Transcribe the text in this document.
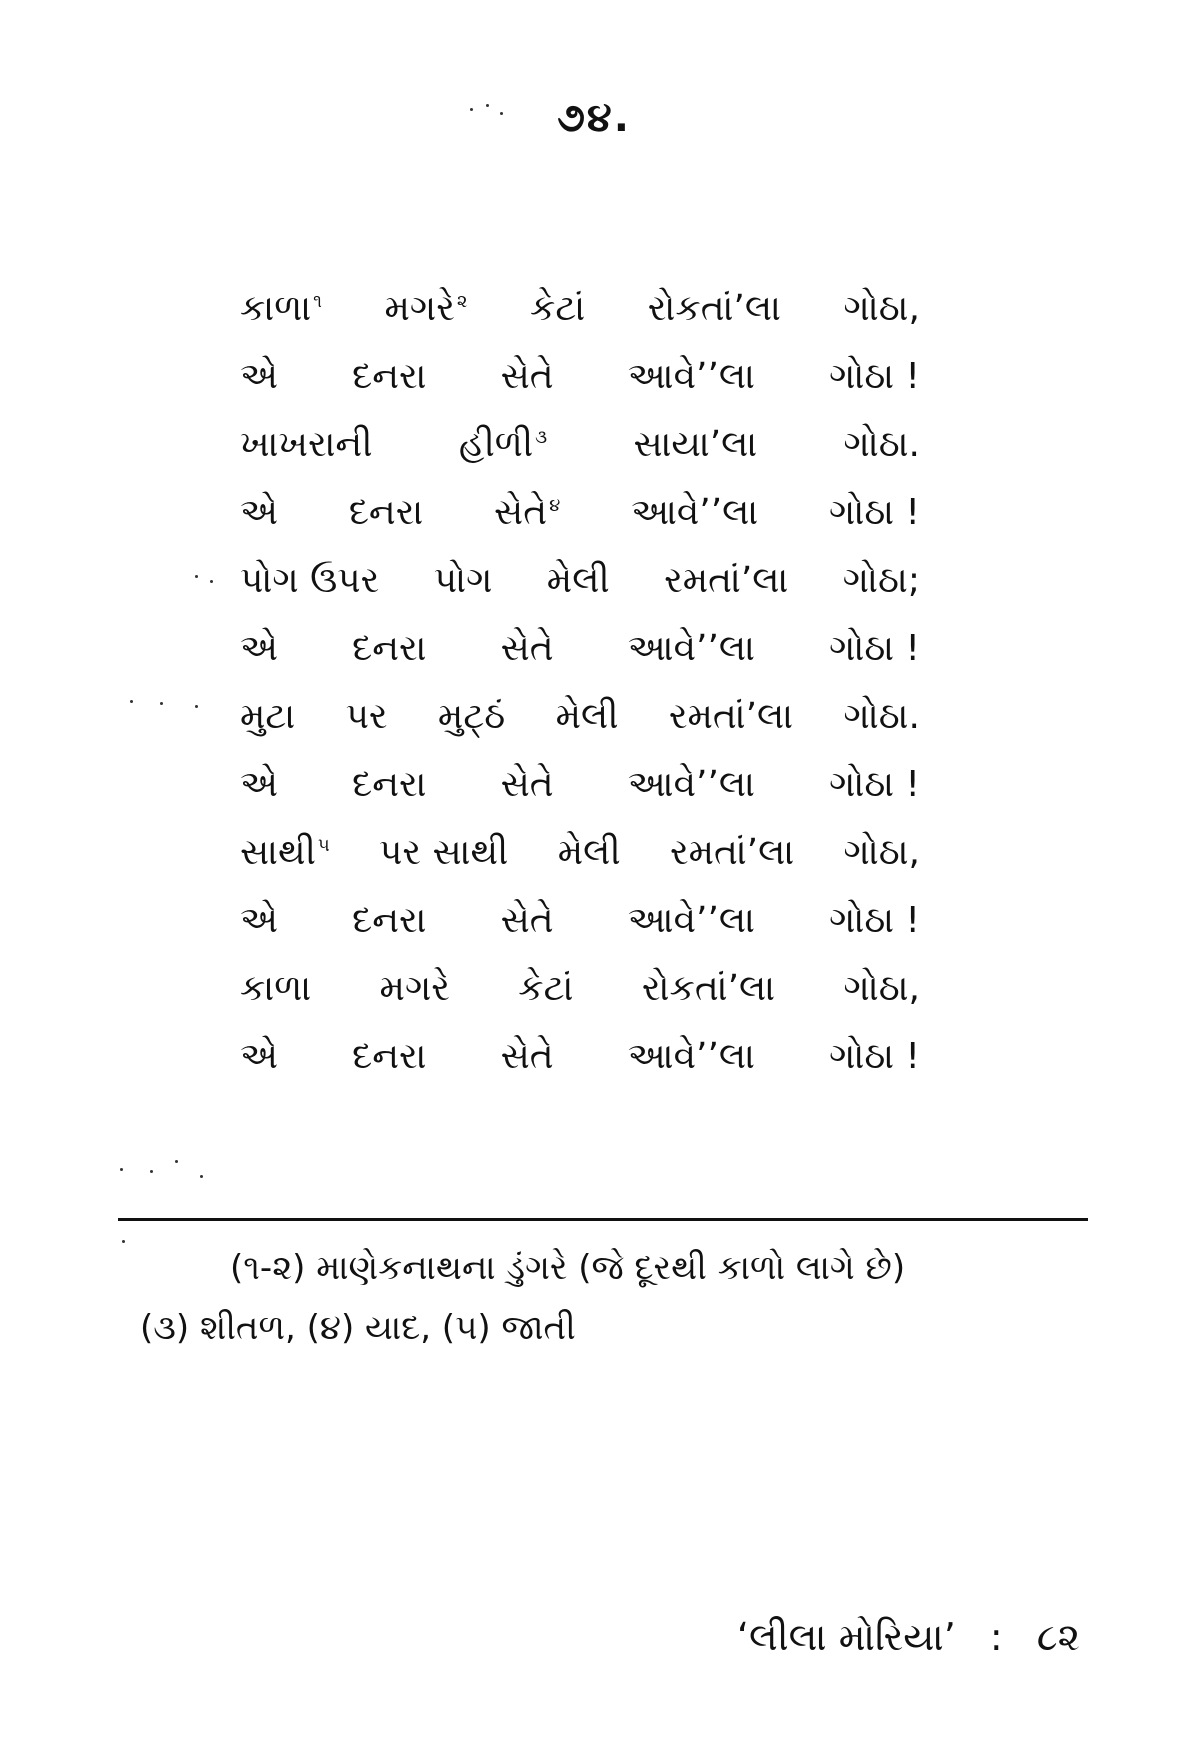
૭૪.
કાળા ૧ મગરે ૨ કેટાં રોકતાં’લા ગોઠા,
એ દનરા સેતે આવે’’લા ગોઠા !
ખાખરાની હીળી ૩ સાયા’લા ગોઠા.
એ દનરા સેતે ૪ આવે’’લા ગોઠા !
પોગ ઉપર પોગ મેલી રમતાં’લા ગોઠા;
એ દનરા સેતે આવે’’લા ગોઠા !
મુટા પર મુટ્ઠં મેલી રમતાં’લા ગોઠા.
એ દનરા સેતે આવે’’લા ગોઠા !
સાથી ૫ પર સાથી મેલી રમતાં’લા ગોઠા,
એ દનરા સેતે આવે’’લા ગોઠા !
કાળા મગરે કેટાં રોકતાં’લા ગોઠા,
એ દનરા સેતે આવે’’લા ગોઠા !
(૧-૨) માણેકનાથના ડુંગરે (જે દૂરથી કાળો લાગે છે)
(૩) શીતળ, (૪) યાદ, (૫) જાતી
‘લીલા મોરિયા’ : ૮૨
